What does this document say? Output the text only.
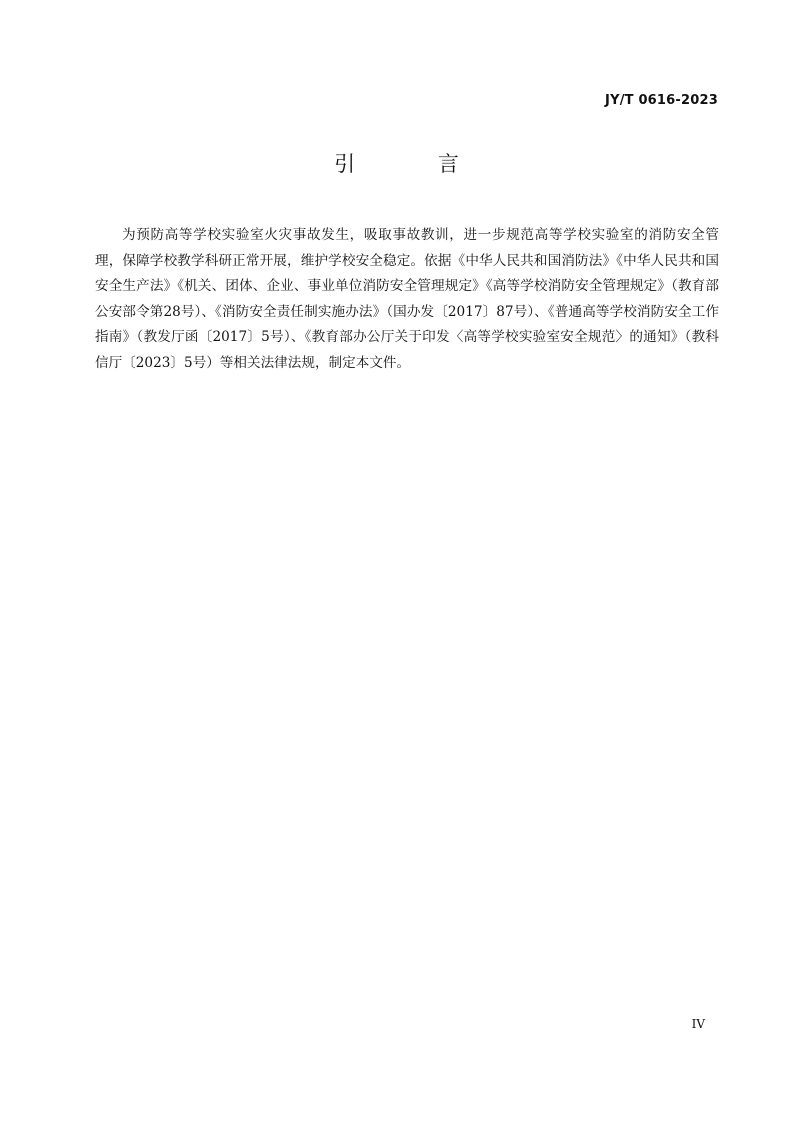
JY/T 0616-2023
引 言

为预防高等学校实验室火灾事故发生，吸取事故教训，进一步规范高等学校实验室的消防安全管理，保障学校教学科研正常开展，维护学校安全稳定。依据《中华人民共和国消防法》《中华人民共和国安全生产法》《机关、团体、企业、事业单位消防安全管理规定》《高等学校消防安全管理规定》（教育部 公安部令第28号）、《消防安全责任制实施办法》（国办发〔2017〕87号）、《普通高等学校消防安全工作指南》（教发厅函〔2017〕5号）、《教育部办公厅关于印发〈高等学校实验室安全规范〉的通知》（教科信厅〔2023〕5号）等相关法律法规，制定本文件。

IV
